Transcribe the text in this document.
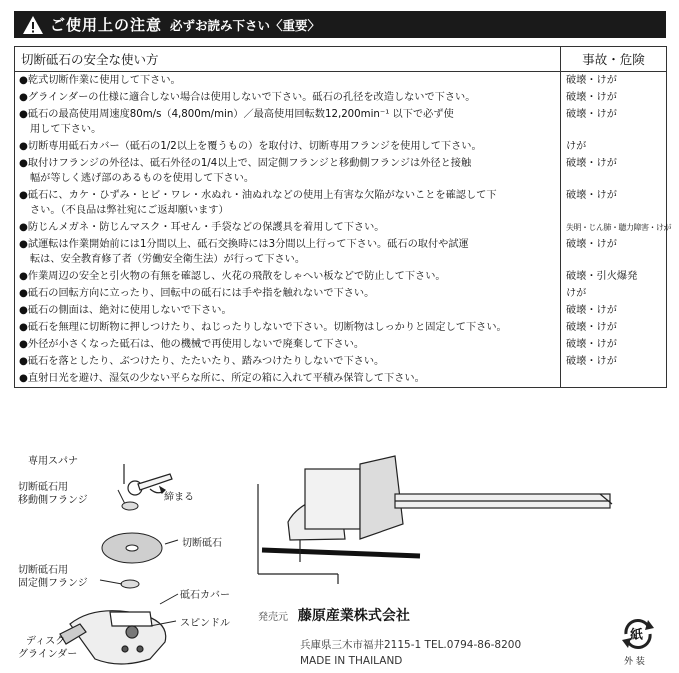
ご使用上の注意 必ずお読み下さい〈重要〉
切断砥石の安全な使い方	事故・危険

●乾式切断作業に使用して下さい。	破壊・けが

●グラインダーの仕様に適合しない場合は使用しないで下さい。砥石の孔径を改造しないで下さい。	破壊・けが

●砥石の最高使用周速度80m/s（4,800m/min）／最高使用回転数12,200min⁻¹ 以下で必ず使
用して下さい。	破壊・けが

●切断専用砥石カバー（砥石の1/2以上を覆うもの）を取付け、切断専用フランジを使用して下さい。	けが

●取付けフランジの外径は、砥石外径の1/4以上で、固定側フランジと移動側フランジは外径と接触
幅が等しく逃げ部のあるものを使用して下さい。	破壊・けが

●砥石に、カケ・ひずみ・ヒビ・ワレ・水ぬれ・油ぬれなどの使用上有害な欠陥がないことを確認して下
さい。（不良品は弊社宛にご返却願います）	破壊・けが

●防じんメガネ・防じんマスク・耳せん・手袋などの保護具を着用して下さい。	失明・じん肺・聴力障害・けが

●試運転は作業開始前には1分間以上、砥石交換時には3分間以上行って下さい。砥石の取付や試運
転は、安全教育修了者（労働安全衛生法）が行って下さい。	破壊・けが

●作業周辺の安全と引火物の有無を確認し、火花の飛散をしゃへい板などで防止して下さい。	破壊・引火爆発

●砥石の回転方向に立ったり、回転中の砥石には手や指を触れないで下さい。	けが

●砥石の側面は、絶対に使用しないで下さい。	破壊・けが

●砥石を無理に切断物に押しつけたり、ねじったりしないで下さい。切断物はしっかりと固定して下さい。	破壊・けが

●外径が小さくなった砥石は、他の機械で再使用しないで廃棄して下さい。	破壊・けが

●砥石を落としたり、ぶつけたり、たたいたり、踏みつけたりしないで下さい。	破壊・けが

●直射日光を避け、湿気の少ない平らな所に、所定の箱に入れて平積み保管して下さい。	

専用スパナ
切断砥石用
移動側フランジ	締まる
切断砥石
切断砥石用
固定側フランジ
砥石カバー
スピンドル
ディスク
グラインダー
発売元 藤原産業株式会社
兵庫県三木市福井2115-1 TEL.0794-86-8200
MADE IN THAILAND
紙
外 装
